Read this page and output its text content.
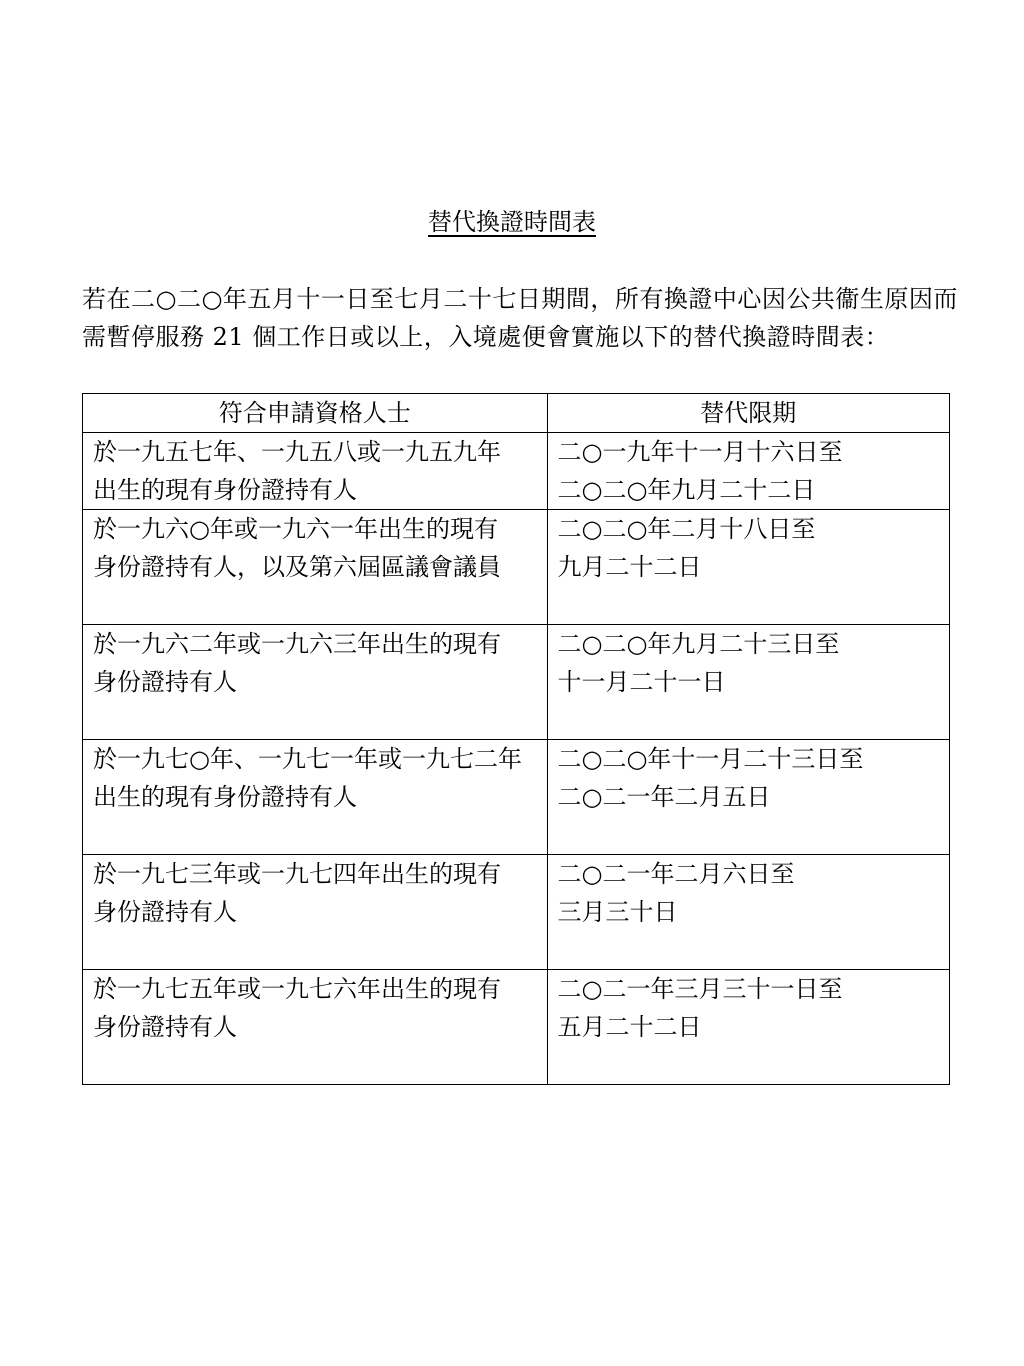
替代換證時間表

若在二○二○年五月十一日至七月二十七日期間，所有換證中心因公共衞生原因而需暫停服務 21 個工作日或以上，入境處便會實施以下的替代換證時間表：

符合申請資格人士	替代限期

於一九五七年、一九五八或一九五九年
出生的現有身份證持有人	二○一九年十一月十六日至
二○二○年九月二十二日

於一九六○年或一九六一年出生的現有
身份證持有人，以及第六屆區議會議員	二○二○年二月十八日至
九月二十二日

於一九六二年或一九六三年出生的現有
身份證持有人	二○二○年九月二十三日至
十一月二十一日

於一九七○年、一九七一年或一九七二年
出生的現有身份證持有人	二○二○年十一月二十三日至
二○二一年二月五日

於一九七三年或一九七四年出生的現有
身份證持有人	二○二一年二月六日至
三月三十日

於一九七五年或一九七六年出生的現有
身份證持有人	二○二一年三月三十一日至
五月二十二日
